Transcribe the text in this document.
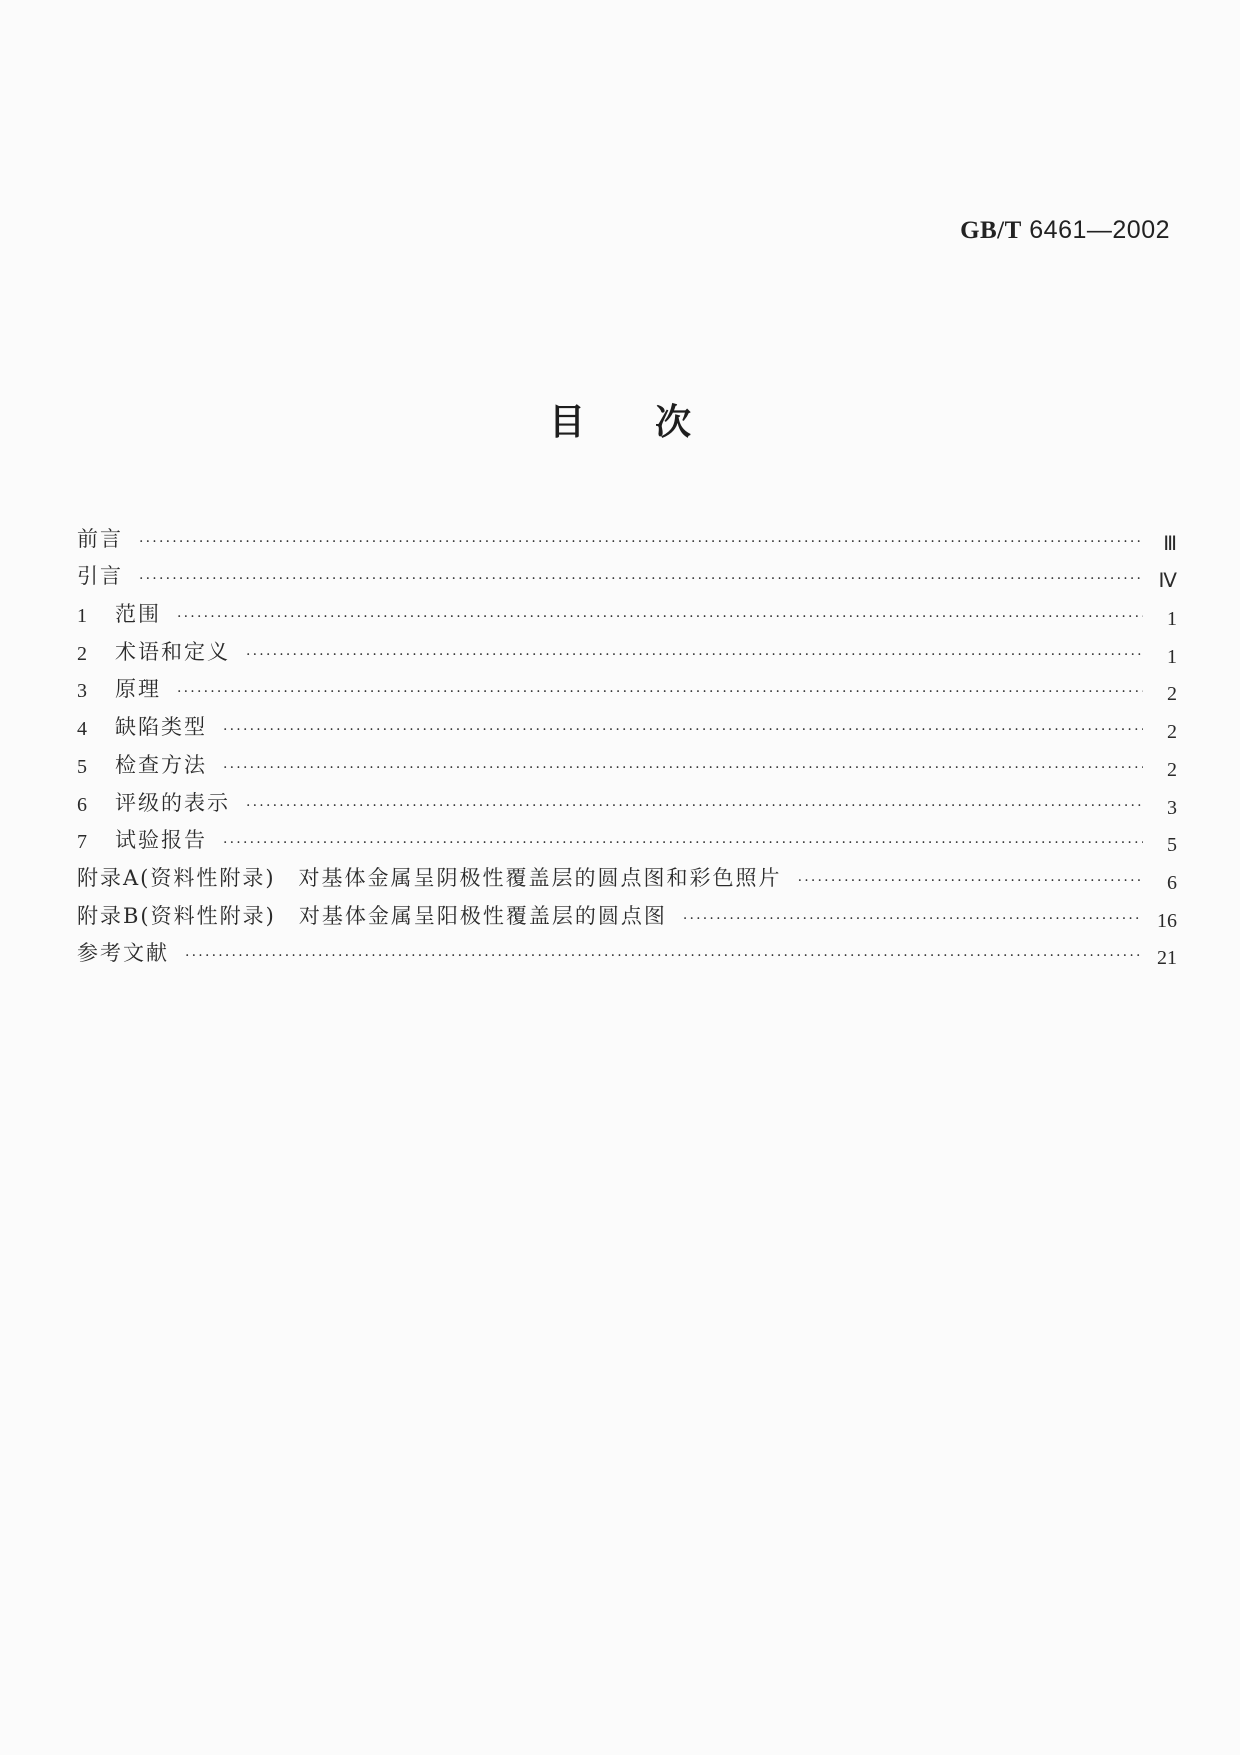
GB/T 6461—2002
目 次
前言 ·····	Ⅲ
引言 ·····	Ⅳ
1	范围 ·····	1
2	术语和定义 ·····	1
3	原理 ·····	2
4	缺陷类型 ·····	2
5	检查方法 ·····	2
6	评级的表示 ·····	3
7	试验报告 ·····	5
附录A(资料性附录)　对基体金属呈阴极性覆盖层的圆点图和彩色照片 ·····	6
附录B(资料性附录)　对基体金属呈阳极性覆盖层的圆点图 ·····	16
参考文献 ·····	21
